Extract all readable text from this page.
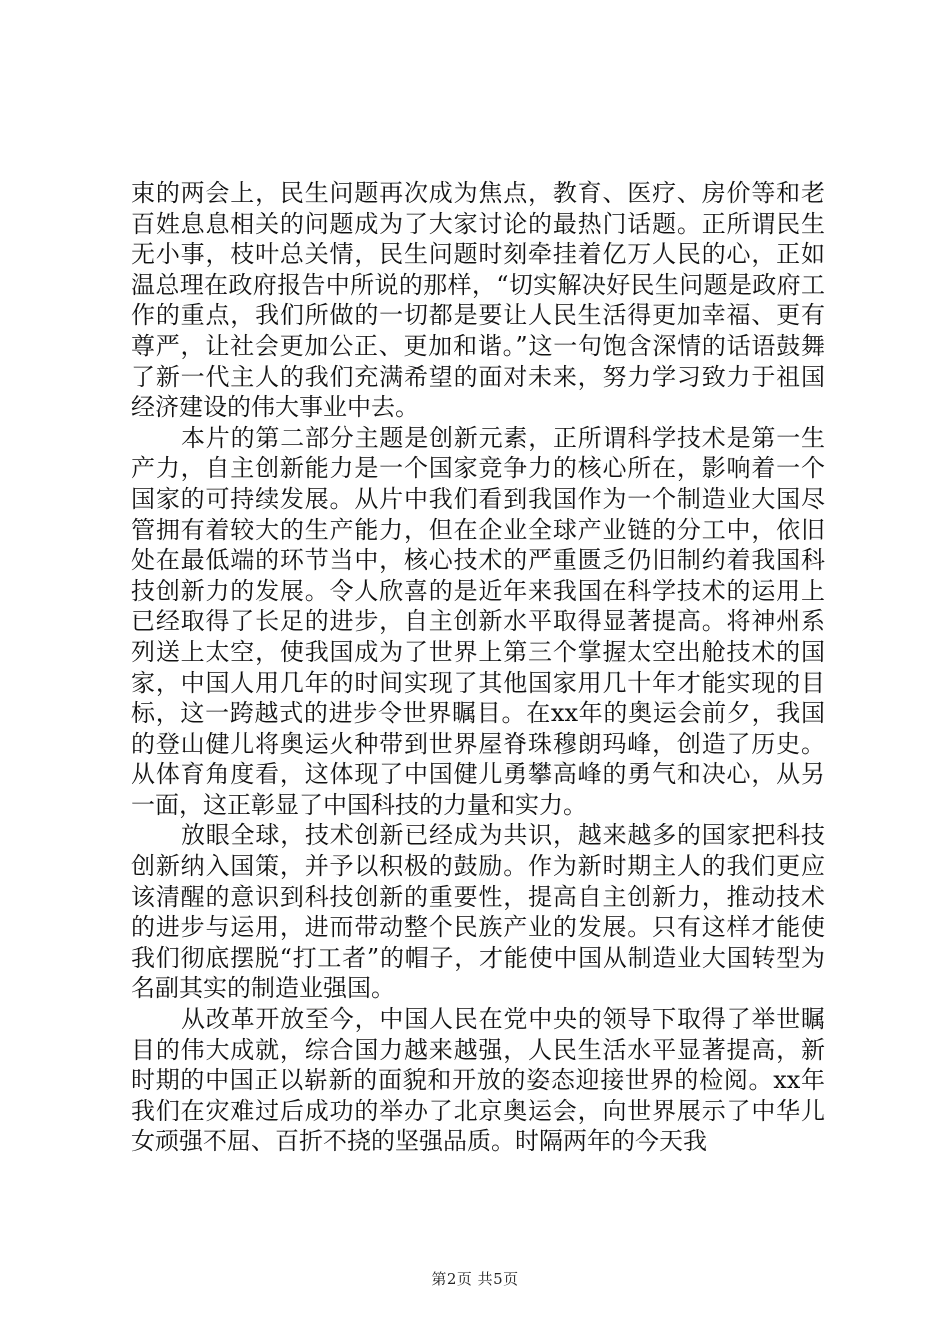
束的两会上，民生问题再次成为焦点，教育、医疗、房价等和老百姓息息相关的问题成为了大家讨论的最热门话题。正所谓民生无小事，枝叶总关情，民生问题时刻牵挂着亿万人民的心，正如温总理在政府报告中所说的那样，“切实解决好民生问题是政府工作的重点，我们所做的一切都是要让人民生活得更加幸福、更有尊严，让社会更加公正、更加和谐。”这一句饱含深情的话语鼓舞了新一代主人的我们充满希望的面对未来，努力学习致力于祖国经济建设的伟大事业中去。

本片的第二部分主题是创新元素，正所谓科学技术是第一生产力，自主创新能力是一个国家竞争力的核心所在，影响着一个国家的可持续发展。从片中我们看到我国作为一个制造业大国尽管拥有着较大的生产能力，但在企业全球产业链的分工中，依旧处在最低端的环节当中，核心技术的严重匮乏仍旧制约着我国科技创新力的发展。令人欣喜的是近年来我国在科学技术的运用上已经取得了长足的进步，自主创新水平取得显著提高。将神州系列送上太空，使我国成为了世界上第三个掌握太空出舱技术的国家，中国人用几年的时间实现了其他国家用几十年才能实现的目标，这一跨越式的进步令世界瞩目。在xx年的奥运会前夕，我国的登山健儿将奥运火种带到世界屋脊珠穆朗玛峰，创造了历史。从体育角度看，这体现了中国健儿勇攀高峰的勇气和决心，从另一面，这正彰显了中国科技的力量和实力。

放眼全球，技术创新已经成为共识，越来越多的国家把科技创新纳入国策，并予以积极的鼓励。作为新时期主人的我们更应该清醒的意识到科技创新的重要性，提高自主创新力，推动技术的进步与运用，进而带动整个民族产业的发展。只有这样才能使我们彻底摆脱“打工者”的帽子，才能使中国从制造业大国转型为名副其实的制造业强国。

从改革开放至今，中国人民在党中央的领导下取得了举世瞩目的伟大成就，综合国力越来越强，人民生活水平显著提高，新时期的中国正以崭新的面貌和开放的姿态迎接世界的检阅。xx年我们在灾难过后成功的举办了北京奥运会，向世界展示了中华儿女顽强不屈、百折不挠的坚强品质。时隔两年的今天我

第2页 共5页
